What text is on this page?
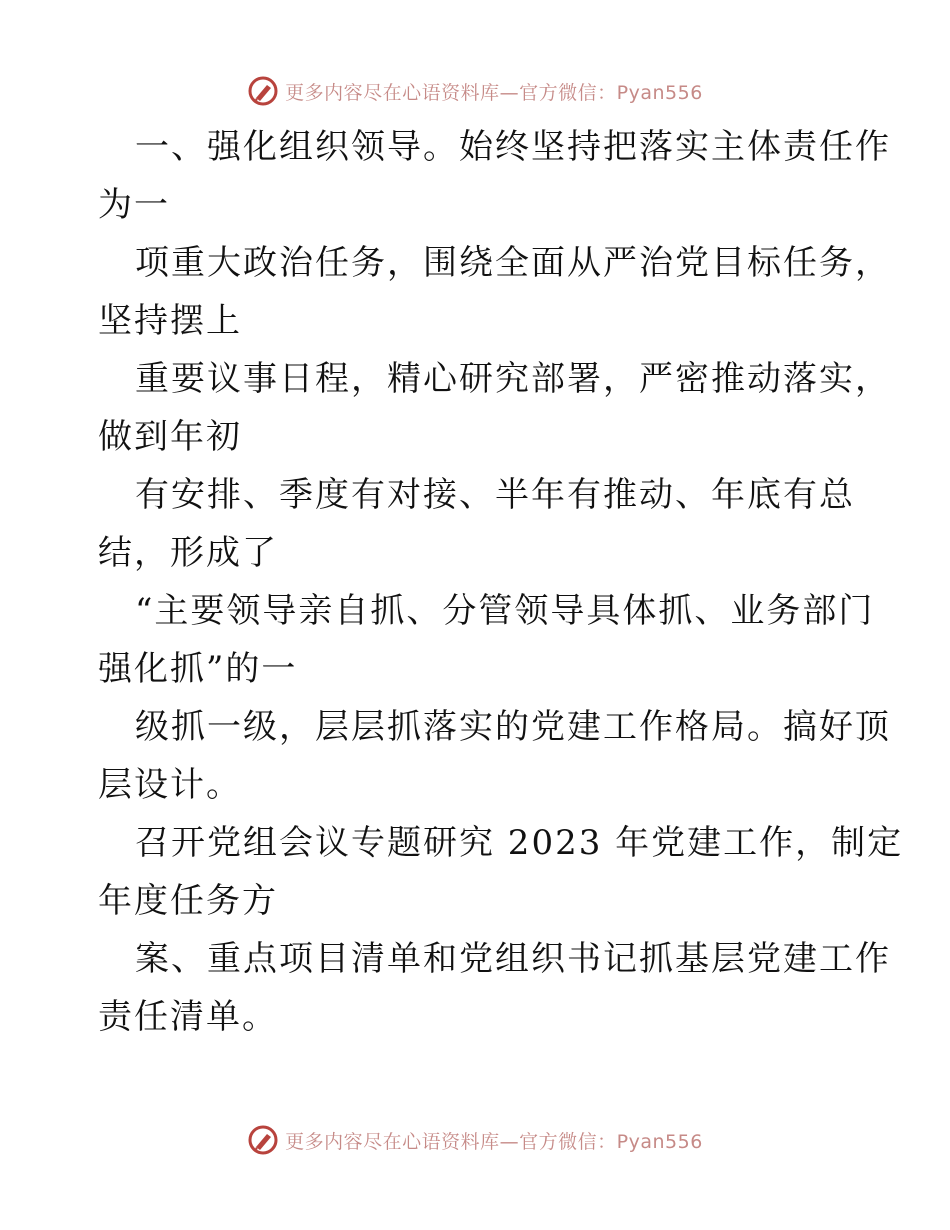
更多内容尽在心语资料库—官方微信：Pyan556
一、强化组织领导。始终坚持把落实主体责任作
为一
项重大政治任务，围绕全面从严治党目标任务，
坚持摆上
重要议事日程，精心研究部署，严密推动落实，
做到年初
有安排、季度有对接、半年有推动、年底有总
结，形成了
“主要领导亲自抓、分管领导具体抓、业务部门
强化抓”的一
级抓一级，层层抓落实的党建工作格局。搞好顶
层设计。
召开党组会议专题研究 2023 年党建工作，制定
年度任务方
案、重点项目清单和党组织书记抓基层党建工作
责任清单。
更多内容尽在心语资料库—官方微信：Pyan556
